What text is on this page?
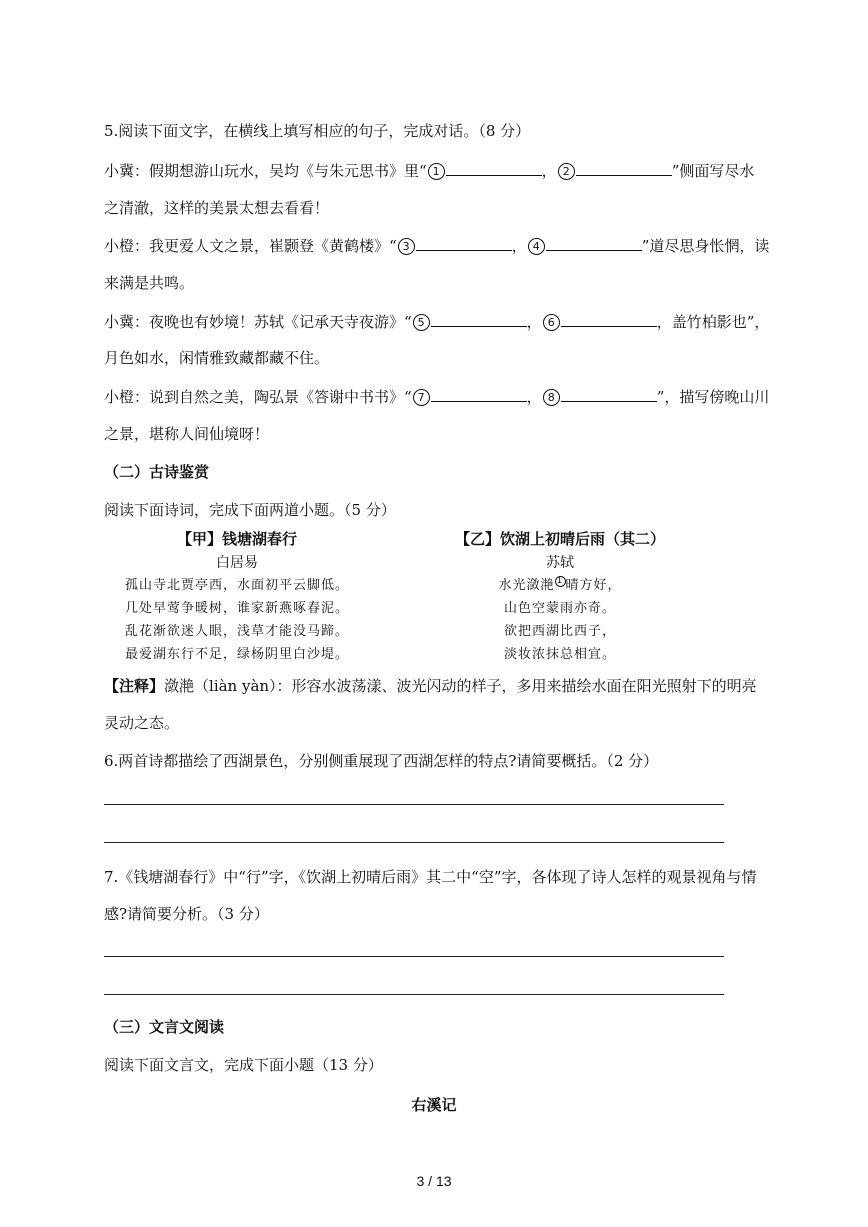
5.阅读下面文字，在横线上填写相应的句子，完成对话。（8 分）
小冀：假期想游山玩水，吴均《与朱元思书》里“ 1	， 2	”侧面写尽水
之清澈，这样的美景太想去看看！
小橙：我更爱人文之景，崔颢登《黄鹤楼》“ 3	， 4	”道尽思身怅惘，读
来满是共鸣。
小冀：夜晚也有妙境！苏轼《记承天寺夜游》“ 5	， 6	，盖竹柏影也”，
月色如水，闲情雅致藏都藏不住。
小橙：说到自然之美，陶弘景《答谢中书书》“ 7	， 8	”，描写傍晚山川
之景，堪称人间仙境呀！
（二）古诗鉴赏
阅读下面诗词，完成下面两道小题。（5 分）
【甲】钱塘湖春行
白居易
孤山寺北贾亭西，水面初平云脚低。
几处早莺争暖树，谁家新燕啄春泥。
乱花渐欲迷人眼，浅草才能没马蹄。
最爱湖东行不足，绿杨阴里白沙堤。
【乙】饮湖上初晴后雨（其二）
苏轼
水光潋滟 1 晴方好，
山色空蒙雨亦奇。
欲把西湖比西子，
淡妆浓抹总相宜。
【注释】潋滟（liàn yàn）：形容水波荡漾、波光闪动的样子，多用来描绘水面在阳光照射下的明亮
灵动之态。
6.两首诗都描绘了西湖景色，分别侧重展现了西湖怎样的特点?请简要概括。（2 分）
7.《钱塘湖春行》中“行”字，《饮湖上初晴后雨》其二中“空”字，各体现了诗人怎样的观景视角与情
感?请简要分析。（3 分）
（三）文言文阅读
阅读下面文言文，完成下面小题（13 分）
右溪记
3 / 13
